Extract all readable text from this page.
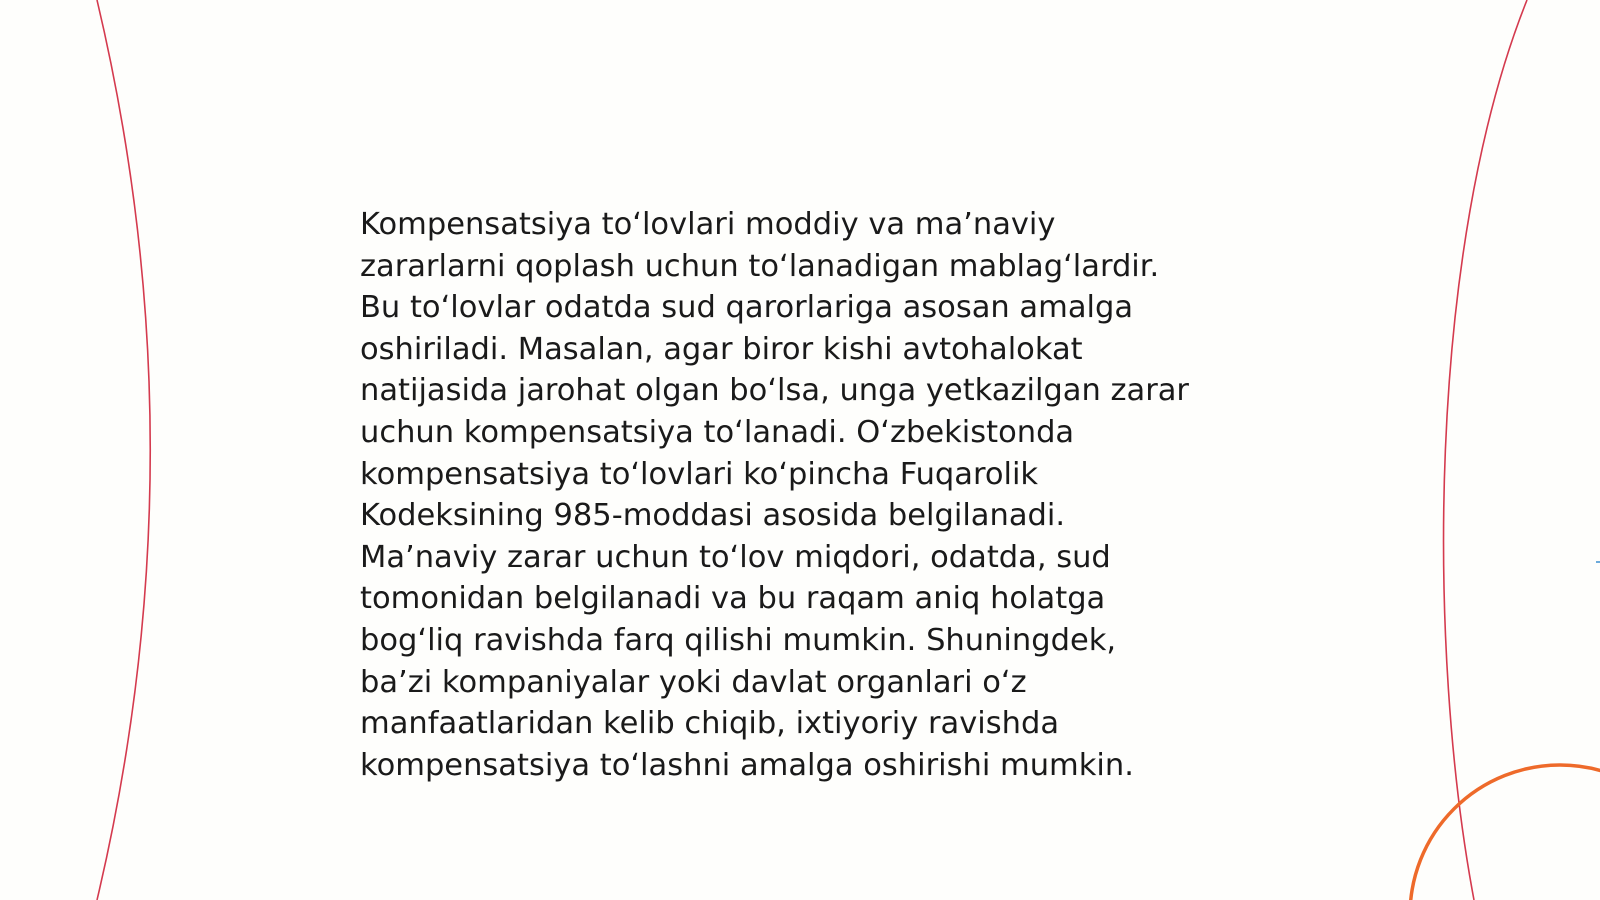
Kompensatsiya to‘lovlari moddiy va ma’naviy
zararlarni qoplash uchun to‘lanadigan mablag‘lardir.
Bu to‘lovlar odatda sud qarorlariga asosan amalga
oshiriladi. Masalan, agar biror kishi avtohalokat
natijasida jarohat olgan bo‘lsa, unga yetkazilgan zarar
uchun kompensatsiya to‘lanadi. O‘zbekistonda
kompensatsiya to‘lovlari ko‘pincha Fuqarolik
Kodeksining 985-moddasi asosida belgilanadi.
Ma’naviy zarar uchun to‘lov miqdori, odatda, sud
tomonidan belgilanadi va bu raqam aniq holatga
bog‘liq ravishda farq qilishi mumkin. Shuningdek,
ba’zi kompaniyalar yoki davlat organlari o‘z
manfaatlaridan kelib chiqib, ixtiyoriy ravishda
kompensatsiya to‘lashni amalga oshirishi mumkin.
